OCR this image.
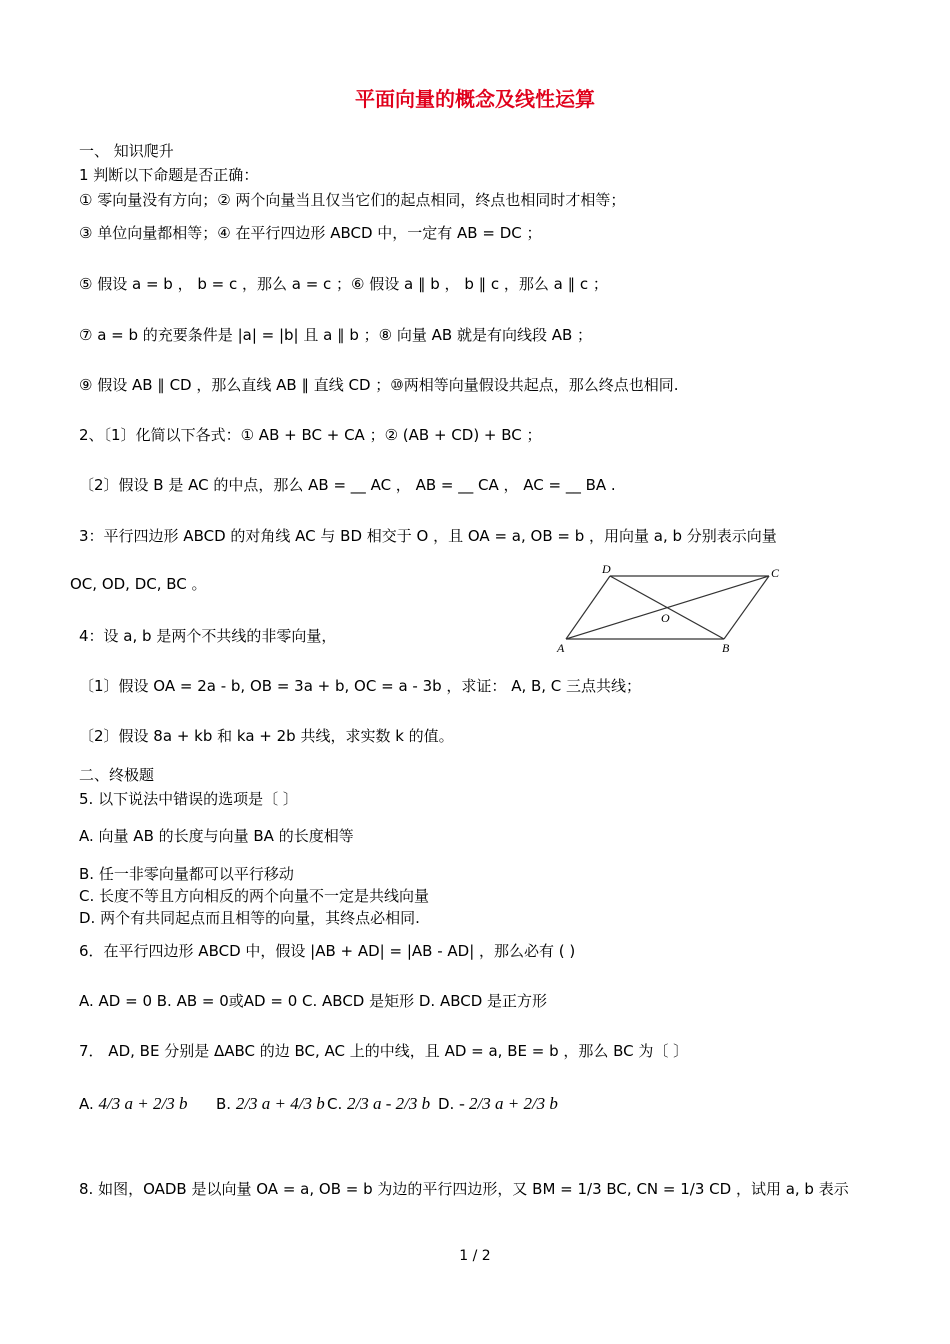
平面向量的概念及线性运算
一、 知识爬升
1 判断以下命题是否正确：
① 零向量没有方向；② 两个向量当且仅当它们的起点相同，终点也相同时才相等；
③ 单位向量都相等；④ 在平行四边形 ABCD 中，一定有 AB = DC ；
⑤ 假设 a = b ， b = c ，那么 a = c ；⑥ 假设 a ∥ b ， b ∥ c ，那么 a ∥ c ；
⑦ a = b 的充要条件是 |a| = |b| 且 a ∥ b ；⑧ 向量 AB 就是有向线段 AB ；
⑨ 假设 AB ∥ CD ，那么直线 AB ∥ 直线 CD ；⑩两相等向量假设共起点，那么终点也相同.
2、〔1〕化简以下各式：① AB + BC + CA ；② (AB + CD) + BC ；
〔2〕假设 B 是 AC 的中点，那么 AB = __ AC ， AB = __ CA ， AC = __ BA .
3：平行四边形 ABCD 的对角线 AC 与 BD 相交于 O ，且 OA = a, OB = b ，用向量 a, b 分别表示向量
OC, OD, DC, BC 。
D	C
A	B
O
4：设 a, b 是两个不共线的非零向量，
〔1〕假设 OA = 2a - b, OB = 3a + b, OC = a - 3b ，求证： A, B, C 三点共线；
〔2〕假设 8a + kb 和 ka + 2b 共线，求实数 k 的值。
二、终极题
5. 以下说法中错误的选项是〔 〕
A. 向量 AB 的长度与向量 BA 的长度相等
B. 任一非零向量都可以平行移动
C. 长度不等且方向相反的两个向量不一定是共线向量
D. 两个有共同起点而且相等的向量，其终点必相同.
6．在平行四边形 ABCD 中，假设 |AB + AD| = |AB - AD| ，那么必有 ( )
A. AD = 0 B. AB = 0或AD = 0 C. ABCD 是矩形 D. ABCD 是正方形
7． AD, BE 分别是 ΔABC 的边 BC, AC 上的中线，且 AD = a, BE = b ，那么 BC 为〔 〕
A. 4/3 a + 2/3 b B. 2/3 a + 4/3 b C. 2/3 a - 2/3 b D. - 2/3 a + 2/3 b
8. 如图，OADB 是以向量 OA = a, OB = b 为边的平行四边形，又 BM = 1/3 BC, CN = 1/3 CD ，试用 a, b 表示
1 / 2
